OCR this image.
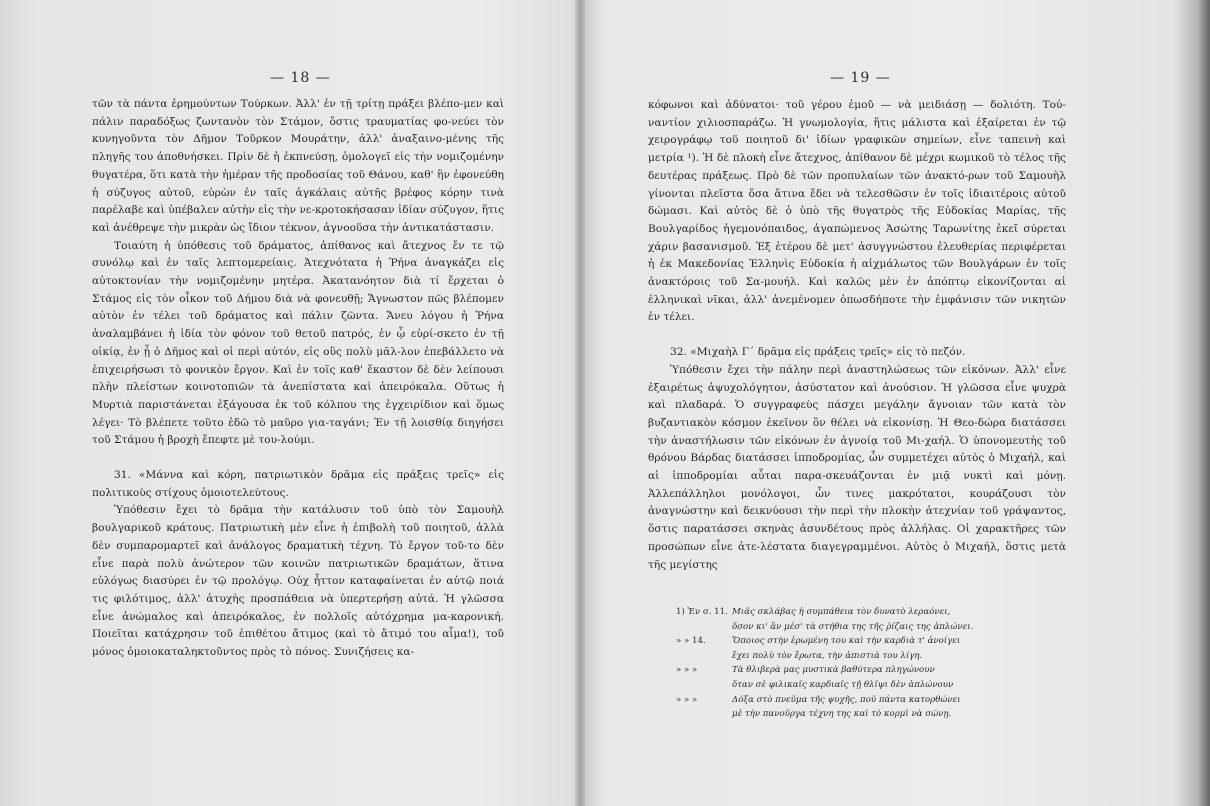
— 18 —

τῶν τὰ πάντα ἐρημούντων Τούρκων. Ἀλλ' ἐν τῇ τρίτῃ πράξει βλέπο-μεν καὶ πάλιν παραδόξως ζωντανὸν τὸν Στάμον, ὅστις τραυματίας φο-νεύει τὸν κυνηγοῦντα τὸν Δῆμον Τοῦρκον Μουράτην, ἀλλ' ἀναξαινο-μένης τῆς πληγῆς του ἀποθνήσκει. Πρὶν δὲ ἡ ἐκπνεύσῃ, ὁμολογεῖ εἰς τὴν νομιζομένην θυγατέρα, ὅτι κατὰ τὴν ἡμέραν τῆς προδοσίας τοῦ Θάνου, καθ' ἣν ἐφονεύθη ἡ σύζυγος αὐτοῦ, εὑρὼν ἐν ταῖς ἀγκάλαις αὐτῆς βρέφος κόρην τινὰ παρέλαβε καὶ ὑπέβαλεν αὐτὴν εἰς τὴν νε-κροτοκήσασαν ἰδίαν σύζυγον, ἥτις καὶ ἀνέθρεψε τὴν μικρὰν ὡς ἴδιον τέκνον, ἀγνοοῦσα τὴν ἀντικατάστασιν.

Τοιαύτη ἡ ὑπόθεσις τοῦ δράματος, ἀπίθανος καὶ ἄτεχνος ἔν τε τῷ συνόλῳ καὶ ἐν ταῖς λεπτομερείαις. Ἀτεχνότατα ἡ Ῥήνα ἀναγκάζει εἰς αὐτοκτονίαν τὴν νομιζομένην μητέρα. Ἀκατανόητον διὰ τί ἔρχεται ὁ Στάμος εἰς τὸν οἶκον τοῦ Δήμου διὰ νὰ φονευθῇ; Ἄγνωστον πῶς βλέπομεν αὐτὸν ἐν τέλει τοῦ δράματος καὶ πάλιν ζῶντα. Ἄνευ λόγου ἡ Ῥήνα ἀναλαμβάνει ἡ ἰδία τὸν φόνον τοῦ θετοῦ πατρός, ἐν ᾧ εὑρί-σκετο ἐν τῇ οἰκίᾳ, ἐν ᾗ ὁ Δῆμος καὶ οἱ περὶ αὐτόν, εἰς οὓς πολὺ μᾶλ-λον ἐπεβάλλετο νὰ ἐπιχειρήσωσι τὸ φονικὸν ἔργον. Καὶ ἐν τοῖς καθ' ἕκαστον δὲ δὲν λείπουσι πλὴν πλείστων κοινοτοπιῶν τὰ ἀνεπίστατα καὶ ἀπειρόκαλα. Οὕτως ἡ Μυρτιὰ παριστάνεται ἐξάγουσα ἐκ τοῦ κόλπου της ἐγχειρίδιον καὶ ὅμως λέγει· Τὸ βλέπετε τοῦτο ἐδῶ τὸ μαῦρο για-ταγάνι; Ἐν τῇ λοισθίᾳ διηγήσει τοῦ Στάμου ἡ βροχὴ ἔπεφτε μὲ του-λούμι.

31. «Μάννα καὶ κόρη, πατριωτικὸν δρᾶμα εἰς πράξεις τρεῖς» εἰς πολιτικοὺς στίχους ὁμοιοτελεύτους.

Ὑπόθεσιν ἔχει τὸ δρᾶμα τὴν κατάλυσιν τοῦ ὑπὸ τὸν Σαμουὴλ βουλγαρικοῦ κράτους. Πατριωτικὴ μὲν εἶνε ἡ ἐπιβολὴ τοῦ ποιητοῦ, ἀλλὰ δὲν συμπαρομαρτεῖ καὶ ἀνάλογος δραματικὴ τέχνη. Τὸ ἔργον τοῦ-το δὲν εἶνε παρὰ πολὺ ἀνώτερον τῶν κοινῶν πατριωτικῶν δραμάτων, ἅτινα εὐλόγως διασύρει ἐν τῷ προλόγῳ. Οὐχ ἧττον καταφαίνεται ἐν αὐτῷ ποιά τις φιλότιμος, ἀλλ' ἀτυχὴς προσπάθεια νὰ ὑπερτερήσῃ αὐτά. Ἡ γλῶσσα εἶνε ἀνώμαλος καὶ ἀπειρόκαλος, ἐν πολλοῖς αὐτόχρημα μα-καρονική. Ποιεῖται κατάχρησιν τοῦ ἐπιθέτου ἄτιμος (καὶ τὸ ἄτιμό του αἷμα!), τοῦ μόνος ὁμοιοκαταληκτοῦντος πρὸς τὸ πόνος. Συνιζήσεις κα-

— 19 —

κόφωνοι καὶ ἀδύνατοι· τοῦ γέρου ἐμοῦ — νὰ μειδιάσῃ — δολιότη. Τοὐ-ναντίον χιλιοσπαράζω. Ἡ γνωμολογία, ἥτις μάλιστα καὶ ἐξαίρεται ἐν τῷ χειρογράφῳ τοῦ ποιητοῦ δι' ἰδίων γραφικῶν σημείων, εἶνε ταπεινὴ καὶ μετρία ¹). Ἡ δὲ πλοκὴ εἶνε ἄτεχνος, ἀπίθανον δὲ μέχρι κωμικοῦ τὸ τέλος τῆς δευτέρας πράξεως. Πρὸ δὲ τῶν προπυλαίων τῶν ἀνακτό-ρων τοῦ Σαμουὴλ γίνονται πλεῖστα ὅσα ἅτινα ἔδει νὰ τελεσθῶσιν ἐν τοῖς ἰδιαιτέροις αὐτοῦ δώμασι. Καὶ αὐτὸς δὲ ὁ ὑπὸ τῆς θυγατρὸς τῆς Εὐδοκίας Μαρίας, τῆς Βουλγαρίδος ἡγεμονόπαιδος, ἀγαπώμενος Ἀσώτης Ταρωνίτης ἐκεῖ σύρεται χάριν βασανισμοῦ. Ἐξ ἑτέρου δὲ μετ' ἀσυγγνώστου ἐλευθερίας περιφέρεται ἡ ἐκ Μακεδονίας Ἑλληνὶς Εὐδοκία ἡ αἰχμάλωτος τῶν Βουλγάρων ἐν τοῖς ἀνακτόροις τοῦ Σα-μουήλ. Καὶ καλῶς μὲν ἐν ἀπόπτῳ εἰκονίζονται αἱ ἑλληνικαὶ νῖκαι, ἀλλ' ἀνεμένομεν ὁπωσδήποτε τὴν ἐμφάνισιν τῶν νικητῶν ἐν τέλει.

32. «Μιχαὴλ Γ΄ δρᾶμα εἰς πράξεις τρεῖς» εἰς τὸ πεζόν.

Ὑπόθεσιν ἔχει τὴν πάλην περὶ ἀναστηλώσεως τῶν εἰκόνων. Ἀλλ' εἶνε ἐξαιρέτως ἀψυχολόγητον, ἀσύστατον καὶ ἀνούσιον. Ἡ γλῶσσα εἶνε ψυχρὰ καὶ πλαδαρά. Ὁ συγγραφεὺς πάσχει μεγάλην ἄγνοιαν τῶν κατὰ τὸν βυζαντιακὸν κόσμον ἐκεῖνον ὃν θέλει νὰ εἰκονίσῃ. Ἡ Θεο-δώρα διατάσσει τὴν ἀναστήλωσιν τῶν εἰκόνων ἐν ἀγνοίᾳ τοῦ Μι-χαήλ. Ὁ ὑπονομευτὴς τοῦ θρόνου Βάρδας διατάσσει ἱπποδρομίας, ὧν συμμετέχει αὐτὸς ὁ Μιχαήλ, καὶ αἱ ἱπποδρομίαι αὗται παρα-σκευάζονται ἐν μιᾷ νυκτὶ καὶ μόνῃ. Ἀλλεπάλληλοι μονόλογοι, ὧν τινες μακρότατοι, κουράζουσι τὸν ἀναγνώστην καὶ δεικνύουσι τὴν περὶ τὴν πλοκὴν ἀτεχνίαν τοῦ γράψαντος, ὅστις παρατάσσει σκηνὰς ἀσυνδέτους πρὸς ἀλλήλας. Οἱ χαρακτῆρες τῶν προσώπων εἶνε ἀτε-λέστατα διαγεγραμμένοι. Αὐτὸς ὁ Μιχαήλ, ὅστις μετὰ τῆς μεγίστης

1) Ἐν σ. 11. Μιᾶς σκλάβας ἡ συμπάθεια τὸν δυνατὸ λεραόνει,
ὅσον κι' ἂν μέσ' τὰ στήθια της τῆς ῥίζαις της ἁπλώνει.
» » 14.	Ὅποιος στὴν ἐρωμένη του καὶ τὴν καρδιὰ τ' ἀνοίγει
ἔχει πολὺ τὸν ἔρωτα, τὴν ἀπιστιὰ του λίγη.
» » »	Τὰ θλιβερὰ μας μυστικὰ βαθύτερα πληγώνουν
ὅταν σὲ φιλικαῖς καρδιαῖς τῇ θλῖψι δὲν ἁπλώνουν
» » »	Δόξα στὸ πνεῦμα τῆς ψυχῆς, ποῦ πάντα κατορθώνει
μὲ τὴν πανοῦργα τέχνη της καὶ τὸ κορμὶ νὰ σώνῃ.
